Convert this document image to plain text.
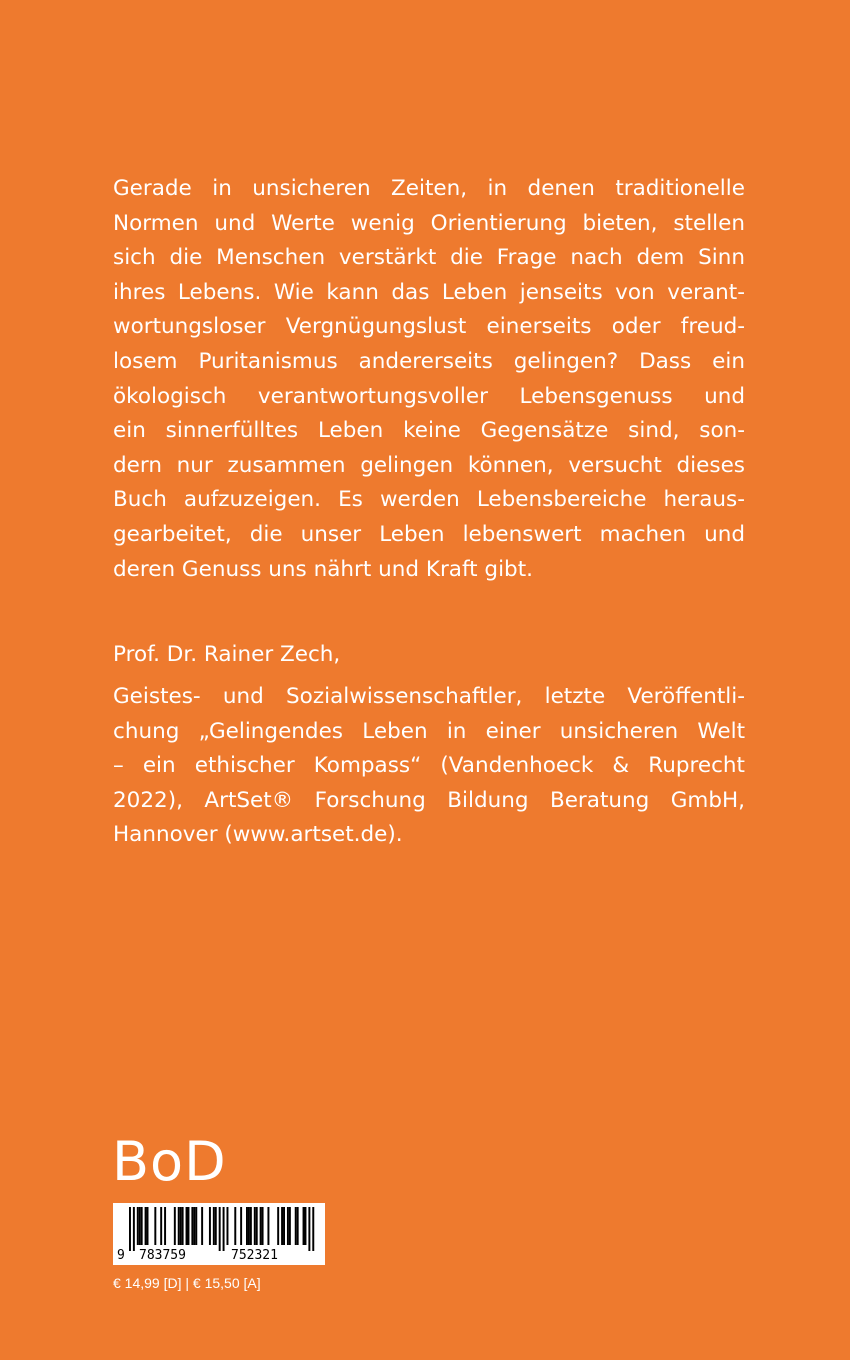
Gerade in unsicheren Zeiten, in denen traditionelle
Normen und Werte wenig Orientierung bieten, stellen
sich die Menschen verstärkt die Frage nach dem Sinn
ihres Lebens. Wie kann das Leben jenseits von verant-
wortungsloser Vergnügungslust einerseits oder freud-
losem Puritanismus andererseits gelingen? Dass ein
ökologisch verantwortungsvoller Lebensgenuss und
ein sinnerfülltes Leben keine Gegensätze sind, son-
dern nur zusammen gelingen können, versucht dieses
Buch aufzuzeigen. Es werden Lebensbereiche heraus-
gearbeitet, die unser Leben lebenswert machen und
deren Genuss uns nährt und Kraft gibt.

Prof. Dr. Rainer Zech,

Geistes- und Sozialwissenschaftler, letzte Veröffentli-
chung „Gelingendes Leben in einer unsicheren Welt
– ein ethischer Kompass“ (Vandenhoeck & Ruprecht
2022), ArtSet® Forschung Bildung Beratung GmbH,
Hannover (www.artset.de).

BoD

9 783759	752321

€ 14,99 [D] | € 15,50 [A]
